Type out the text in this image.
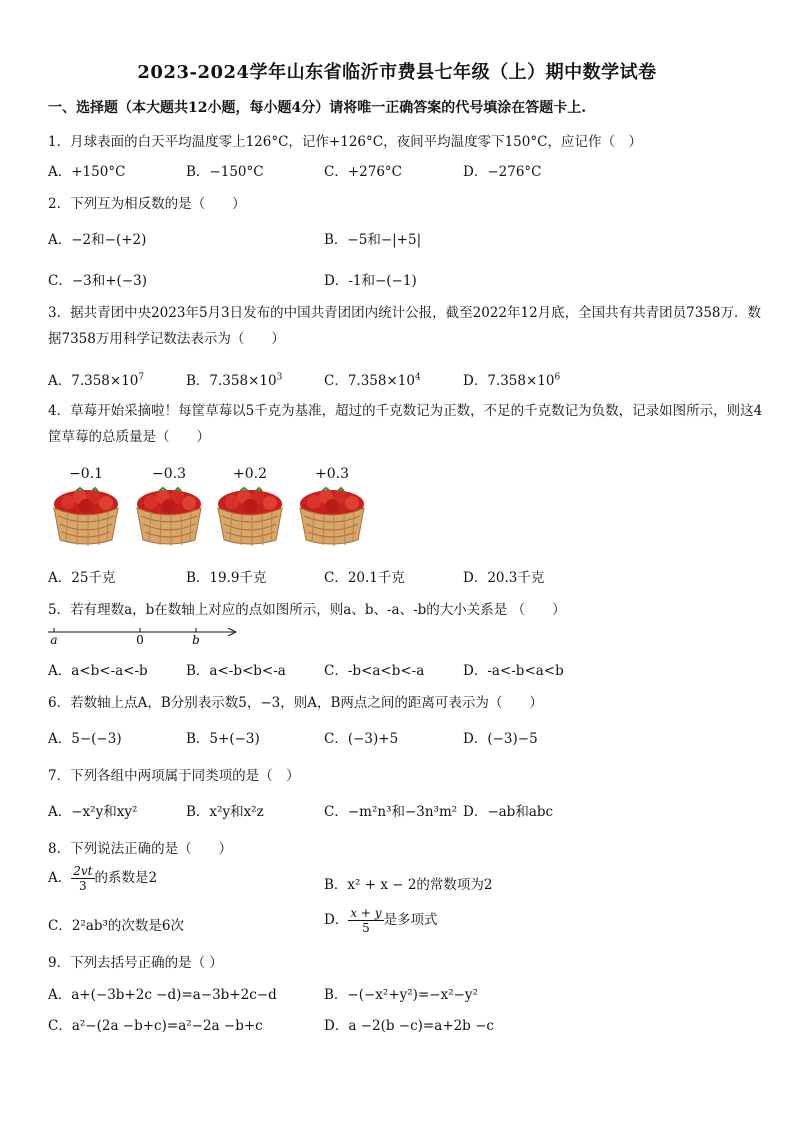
2023-2024学年山东省临沂市费县七年级（上）期中数学试卷
一、选择题（本大题共12小题，每小题4分）请将唯一正确答案的代号填涂在答题卡上.
1．月球表面的白天平均温度零上126°C，记作+126°C，夜间平均温度零下150°C，应记作（　）
A．+150°C	B．−150°C	C．+276°C	D．−276°C
2．下列互为相反数的是（　　）
A．−2和−(+2)	B．−5和−|+5|
C．−3和+(−3)	D．-1和−(−1)
3．据共青团中央2023年5月3日发布的中国共青团团内统计公报，截至2022年12月底，全国共有共青团员7358万．数据7358万用科学记数法表示为（　　）
A．$7.358\times 10^7$	B．$7.358\times 10^3$	C．$7.358\times 10^4$	D．$7.358\times 10^6$
4．草莓开始采摘啦！每筐草莓以5千克为基准，超过的千克数记为正数，不足的千克数记为负数，记录如图所示，则这4筐草莓的总质量是（　　）
−0.1	−0.3	+0.2	+0.3
A．25千克	B．19.9千克	C．20.1千克	D．20.3千克
5．若有理数a，b在数轴上对应的点如图所示，则a、b、-a、-b的大小关系是 （　　）
a	0	b
A．a<b<-a<-b	B．a<-b<b<-a	C．-b<a<b<-a	D．-a<-b<a<b
6．若数轴上点A，B分别表示数5，−3，则A，B两点之间的距离可表示为（　　）
A．5−(−3)	B．5+(−3)	C．(−3)+5	D．(−3)−5
7．下列各组中两项属于同类项的是（　）
A．−x²y和xy²	B．x²y和x²z	C．−m²n³和−3n³m² D．−ab和abc
8．下列说法正确的是（　　）
A． $\frac{2vt}{3}$ 的系数是2	B．x² + x − 2的常数项为2
C．2²ab³的次数是6次	D． $\frac{x + y}{5}$ 是多项式
9．下列去括号正确的是（ ）
A．a+(−3b+2c −d)=a−3b+2c−d	B．−(−x²+y²)=−x²−y²
C．a²−(2a −b+c)=a²−2a −b+c	D．a −2(b −c)=a+2b −c
